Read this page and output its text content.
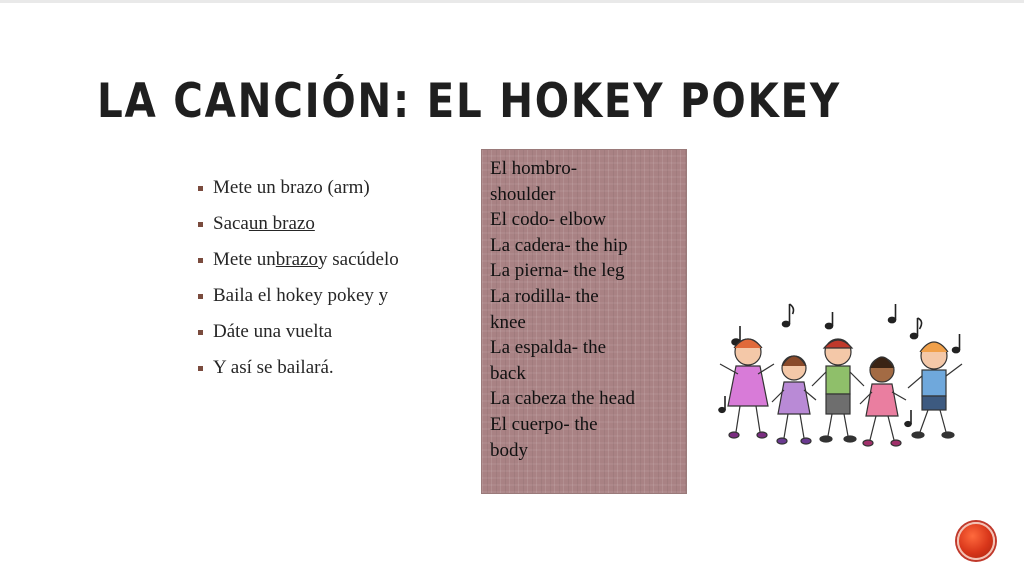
LA CANCIÓN: EL HOKEY POKEY
Mete un brazo (arm)
Saca un brazo
Mete un brazo y sacúdelo
Baila el hokey pokey y
Dáte una vuelta
Y así se bailará.
El hombro-
shoulder
El codo- elbow
La cadera- the hip
La pierna- the leg
La rodilla- the
knee
La espalda- the
back
La cabeza the head
El cuerpo- the
body
